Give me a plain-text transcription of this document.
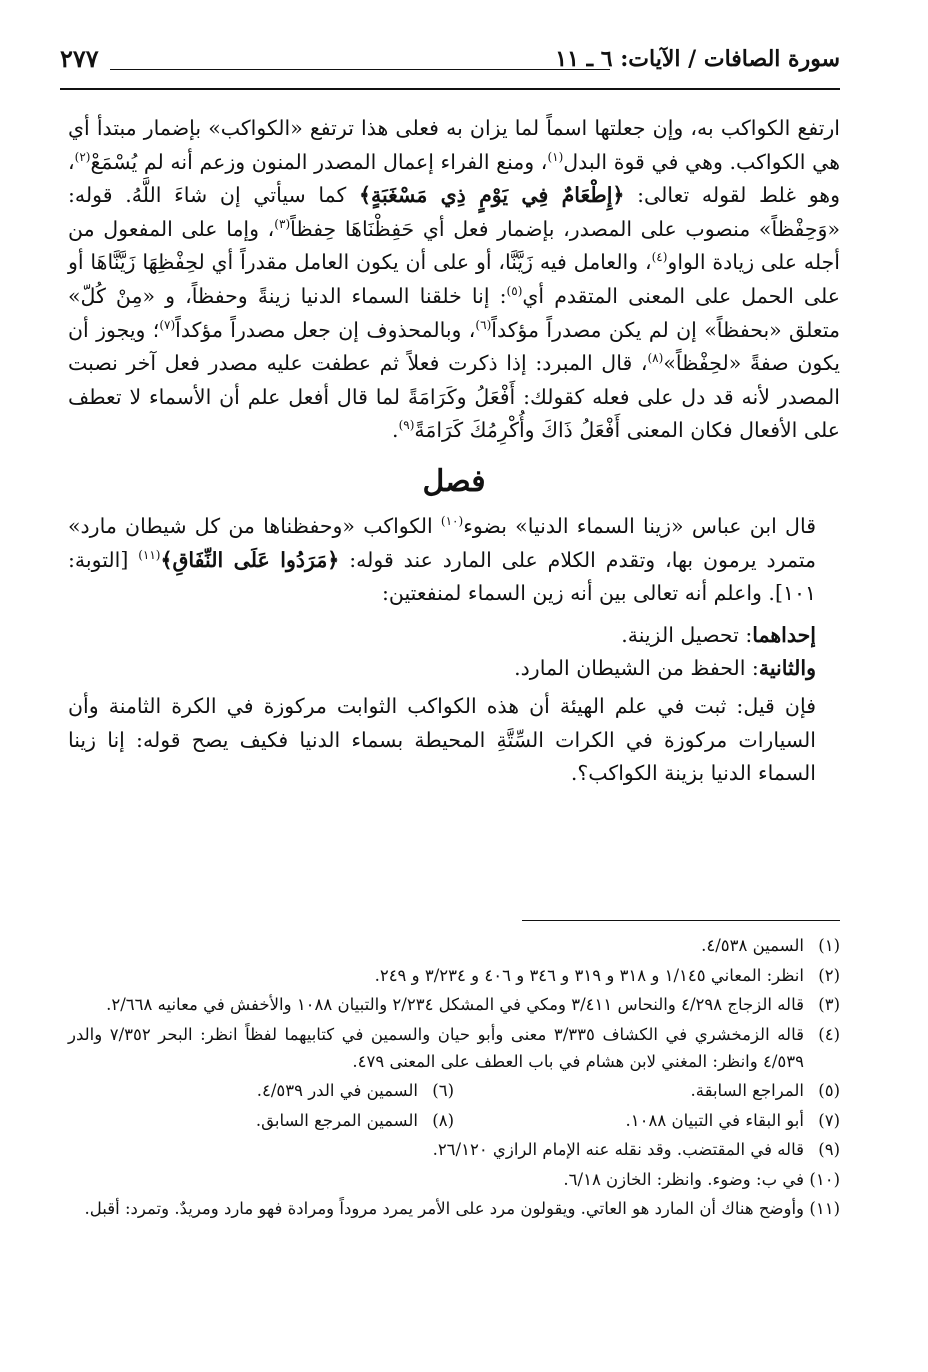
سورة الصافات / الآيات: ٦ ـ ١١
٢٧٧

ارتفع الكواكب به، وإن جعلتها اسماً لما يزان به فعلى هذا ترتفع «الكواكب» بإضمار مبتدأ أي هي الكواكب. وهي في قوة البدل$^{(١)}$، ومنع الفراء إعمال المصدر المنون وزعم أنه لم يُسْمَعْ$^{(٢)}$، وهو غلط لقوله تعالى: ﴿إِطْعَامٌ فِي يَوْمٍ ذِي مَسْغَبَةٍ﴾ كما سيأتي إن شاءَ اللَّهُ. قوله: «وَحِفْظاً» منصوب على المصدر، بإضمار فعل أي حَفِظْنَاهَا حِفظاً$^{(٣)}$، وإما على المفعول من أجله على زيادة الواو$^{(٤)}$، والعامل فيه زَيَّنَّا، أو على أن يكون العامل مقدراً أي لحِفْظِهَا زَيَّنَّاهَا أو على الحمل على المعنى المتقدم أي$^{(٥)}$: إنا خلقنا السماء الدنيا زينةً وحفظاً، و «مِنْ كُلّ» متعلق «بحفظاً» إن لم يكن مصدراً مؤكداً$^{(٦)}$، وبالمحذوف إن جعل مصدراً مؤكداً$^{(٧)}$؛ ويجوز أن يكون صفةً «لحِفْظاً»$^{(٨)}$، قال المبرد: إذا ذكرت فعلاً ثم عطفت عليه مصدر فعل آخر نصبت المصدر لأنه قد دل على فعله كقولك: أَفْعَلُ وكَرَامَةً لما قال أفعل علم أن الأسماء لا تعطف على الأفعال فكان المعنى أَفْعَلُ ذَاكَ وأُكْرِمُكَ كَرَامَةً$^{(٩)}$.

فصل

قال ابن عباس «زينا السماء الدنيا» بضوء$^{(١٠)}$ الكواكب «وحفظناها من كل شيطان مارد» متمرد يرمون بها، وتقدم الكلام على المارد عند قوله: ﴿مَرَدُوا عَلَى النِّفَاقِ﴾$^{(١١)}$ [التوبة: ١٠١]. واعلم أنه تعالى بين أنه زين السماء لمنفعتين:

إحداهما: تحصيل الزينة.

والثانية: الحفظ من الشيطان المارد.

فإن قيل: ثبت في علم الهيئة أن هذه الكواكب الثوابت مركوزة في الكرة الثامنة وأن السيارات مركوزة في الكرات السِّتَّةِ المحيطة بسماء الدنيا فكيف يصح قوله: إنا زينا السماء الدنيا بزينة الكواكب؟.

(١)
السمين ٤/٥٣٨.
(٢)
انظر: المعاني ١/١٤٥ و ٣١٨ و ٣١٩ و ٣٤٦ و ٤٠٦ و ٣/٢٣٤ و ٢٤٩.
(٣)
قاله الزجاج ٤/٢٩٨ والنحاس ٣/٤١١ ومكي في المشكل ٢/٢٣٤ والتبيان ١٠٨٨ والأخفش في معانيه ٢/٦٦٨.
(٤)
قاله الزمخشري في الكشاف ٣/٣٣٥ معنى وأبو حيان والسمين في كتابيهما لفظاً انظر: البحر ٧/٣٥٢ والدر ٤/٥٣٩ وانظر: المغني لابن هشام في باب العطف على المعنى ٤٧٩.
(٥)
المراجع السابقة.
(٦)
السمين في الدر ٤/٥٣٩.
(٧)
أبو البقاء في التبيان ١٠٨٨.
(٨)
السمين المرجع السابق.
(٩)
قاله في المقتضب. وقد نقله عنه الإمام الرازي ٢٦/١٢٠.
(١٠)
في ب: وضوء. وانظر: الخازن ٦/١٨.
(١١)
وأوضح هناك أن المارد هو العاتي. ويقولون مرد على الأمر يمرد مروداً ومرادة فهو مارد ومريدٌ. وتمرد: أقبل.
